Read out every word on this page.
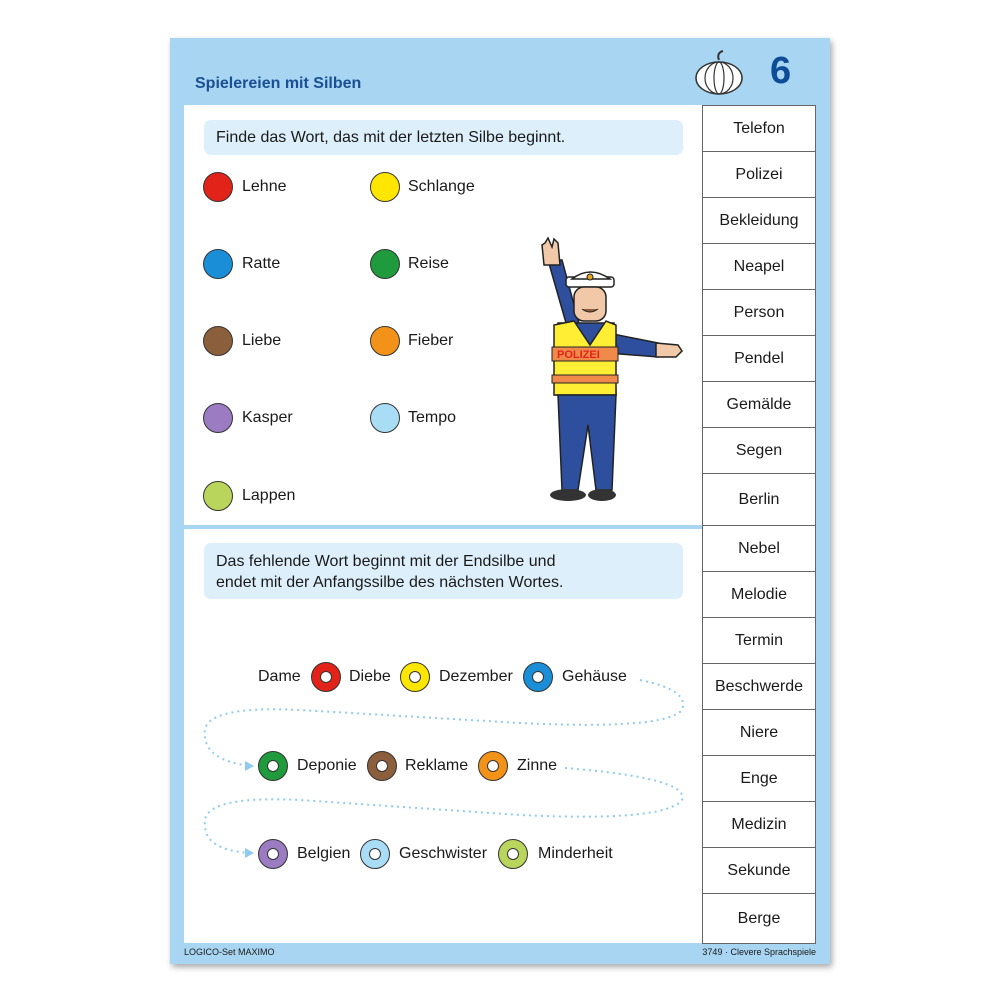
Spielereien mit Silben	6
Finde das Wort, das mit der letzten Silbe beginnt.
Das fehlende Wort beginnt mit der Endsilbe und
endet mit der Anfangssilbe des nächsten Wortes.
Lehne	Schlange
Ratte	Reise
Liebe	Fieber
Kasper	Tempo
Lappen
POLIZEI
Dame	Diebe	Dezember	Gehäuse
Deponie	Reklame	Zinne
Belgien	Geschwister	Minderheit
Telefon
Polizei
Bekleidung
Neapel
Person
Pendel
Gemälde
Segen
Berlin
Nebel
Melodie
Termin
Beschwerde
Niere
Enge
Medizin
Sekunde
Berge
LOGICO-Set MAXIMO	3749 · Clevere Sprachspiele
